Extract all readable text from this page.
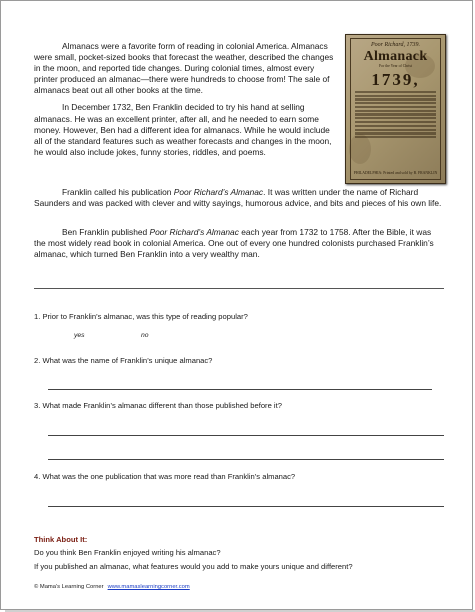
Almanacs were a favorite form of reading in colonial America. Almanacs were small, pocket-sized books that forecast the weather, described the changes in the moon, and reported tide changes. During colonial times, almost every printer produced an almanac—there were hundreds to choose from! The sale of almanacs beat out all other books at the time.

In December 1732, Ben Franklin decided to try his hand at selling almanacs. He was an excellent printer, after all, and he needed to earn some money. However, Ben had a different idea for almanacs. While he would include all of the standard features such as weather forecasts and changes in the moon, he would also include jokes, funny stories, riddles, and poems.

Franklin called his publication Poor Richard’s Almanac. It was written under the name of Richard Saunders and was packed with clever and witty sayings, humorous advice, and bits and pieces of his own life.

Ben Franklin published Poor Richard’s Almanac each year from 1732 to 1758. After the Bible, it was the most widely read book in colonial America. One out of every one hundred colonists purchased Franklin’s almanac, which turned Ben Franklin into a very wealthy man.

Poor Richard, 1739.
Almanack
For the Year of Christ
1739,
PHILADELPHIA: Printed and sold by B. FRANKLIN
1. Prior to Franklin’s almanac, was this type of reading popular?
yes	no
2. What was the name of Franklin’s unique almanac?
3. What made Franklin’s almanac different than those published before it?
4. What was the one publication that was more read than Franklin’s almanac?
Think About It:
Do you think Ben Franklin enjoyed writing his almanac?
If you published an almanac, what features would you add to make yours unique and different?
© Mama’s Learning Corner www.mamaslearningcorner.com
